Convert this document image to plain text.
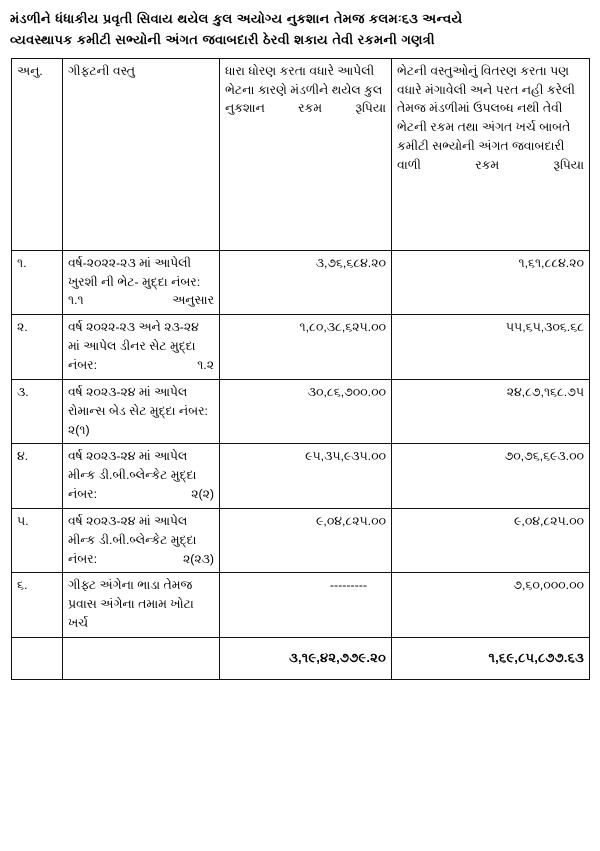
મંડળીને ધંધાકીય પ્રવૃતી સિવાય થયેલ કુલ અયોગ્ય નુકશાન તેમજ કલમઃ૬૩ અન્વયે
વ્યવસ્થાપક કમીટી સભ્યોની અંગત જવાબદારી ઠેરવી શકાય તેવી રકમની ગણત્રી
અનુ.	ગીફટની વસ્તુ	ધારા ધોરણ કરતા વધારે આપેલી ભેટના કારણે મંડળીને થયેલ કુલ નુકશાન રકમ રૂપિયા	ભેટની વસ્તુઓનું વિતરણ કરતા પણ વધારે મંગાવેલી અને પરત નહી કરેલી તેમજ મંડળીમાં ઉપલબ્ધ નથી તેવી ભેટની રકમ તથા અંગત ખર્ચ બાબતે કમીટી સભ્યોની અંગત જવાબદારી વાળી રકમ રૂપિયા
૧.	વર્ષ-૨૦૨૨-૨૩ માં આપેલી ખુરશી ની ભેટ- મુદ્દા નંબર: ૧.૧ અનુસાર	૩,૭૬,૬૮૪.૨૦	૧,૬૧,૮૮૪.૨૦
૨.	વર્ષ ૨૦૨૨-૨૩ અને ૨૩-૨૪ માં આપેલ ડીનર સેટ મુદ્દા નંબર: ૧.૨	૧,૮૦,૩૮,૬૨૫.૦૦	૫૫,૬૫,૩૦૬.૬૮
૩.	વર્ષ ૨૦૨૩-૨૪ માં આપેલ રોમાન્સ બેડ સેટ મુદ્દા નંબર: ૨(૧)	૩૦,૮૬,૭૦૦.૦૦	૨૪,૮૭,૧૬૮.૭૫
૪.	વર્ષ ૨૦૨૩-૨૪ માં આપેલ મીન્ક ડી.બી.બ્લેન્કેટ મુદ્દા નંબર: ૨(૨)	૯૫,૩૫,૯૩૫.૦૦	૭૦,૭૬,૬૯૩.૦૦
૫.	વર્ષ ૨૦૨૩-૨૪ માં આપેલ મીન્ક ડી.બી.બ્લેન્કેટ મુદ્દા નંબર: ૨(૨૩)	૯,૦૪,૮૨૫.૦૦	૯,૦૪,૮૨૫.૦૦
૬.	ગીફ્ટ અંગેના ભાડા તેમજ પ્રવાસ અંગેના તમામ ખોટા ખર્ચ	---------	૭,૬૦,૦૦૦.૦૦
		૩,૧૯,૪૨,૭૭૯.૨૦	૧,૬૯,૮૫,૮૭૭.૬૩
